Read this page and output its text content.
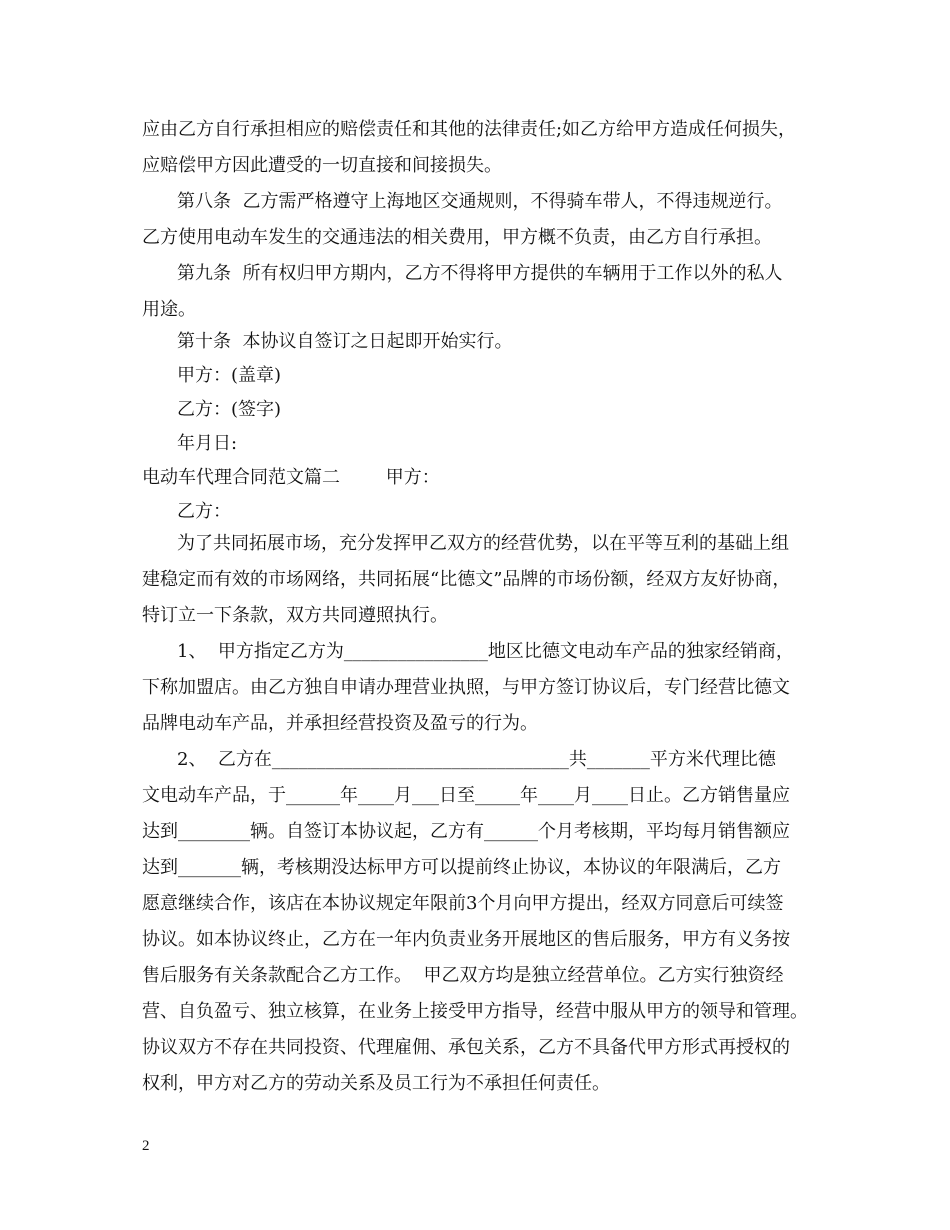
应由乙方自行承担相应的赔偿责任和其他的法律责任;如乙方给甲方造成任何损失，
应赔偿甲方因此遭受的一切直接和间接损失。
第八条  乙方需严格遵守上海地区交通规则，不得骑车带人，不得违规逆行。
乙方使用电动车发生的交通违法的相关费用，甲方概不负责，由乙方自行承担。
第九条  所有权归甲方期内，乙方不得将甲方提供的车辆用于工作以外的私人
用途。
第十条  本协议自签订之日起即开始实行。
甲方：(盖章)
乙方：(签字)
年月日:
电动车代理合同范文篇二        甲方：
乙方：
为了共同拓展市场，充分发挥甲乙双方的经营优势，以在平等互利的基础上组
建稳定而有效的市场网络，共同拓展“比德文”品牌的市场份额，经双方友好协商，
特订立一下条款，双方共同遵照执行。
1、  甲方指定乙方为________________地区比德文电动车产品的独家经销商，
下称加盟店。由乙方独自申请办理营业执照，与甲方签订协议后，专门经营比德文
品牌电动车产品，并承担经营投资及盈亏的行为。
2、  乙方在_________________________________共_______平方米代理比德
文电动车产品，于______年____月___日至_____年____月____日止。乙方销售量应
达到________辆。自签订本协议起，乙方有______个月考核期，平均每月销售额应
达到_______辆，考核期没达标甲方可以提前终止协议，本协议的年限满后，乙方
愿意继续合作，该店在本协议规定年限前3个月向甲方提出，经双方同意后可续签
协议。如本协议终止，乙方在一年内负责业务开展地区的售后服务，甲方有义务按
售后服务有关条款配合乙方工作。  甲乙双方均是独立经营单位。乙方实行独资经
营、自负盈亏、独立核算，在业务上接受甲方指导，经营中服从甲方的领导和管理。
协议双方不存在共同投资、代理雇佣、承包关系，乙方不具备代甲方形式再授权的
权利，甲方对乙方的劳动关系及员工行为不承担任何责任。
2
